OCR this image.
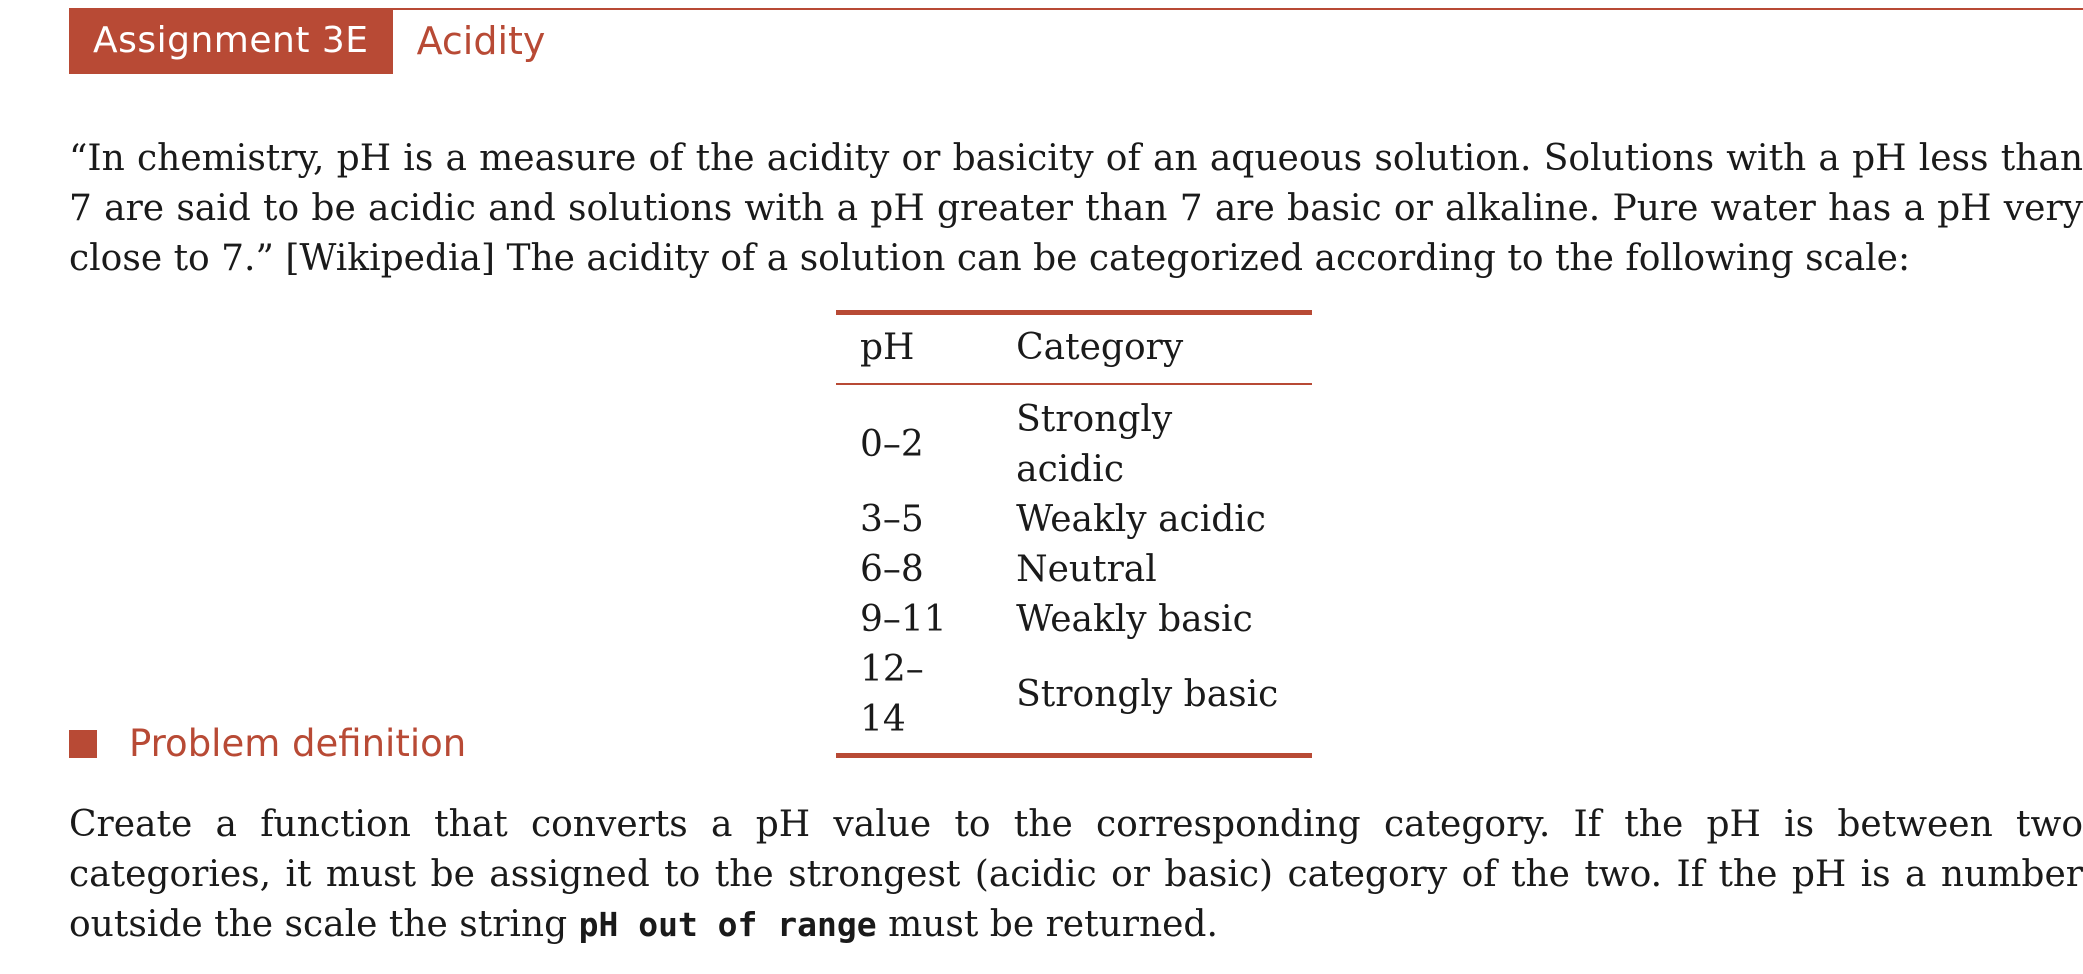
Assignment 3E	Acidity

“In chemistry, pH is a measure of the acidity or basicity of an aqueous solution. Solutions with a pH less than 7 are said to be acidic and solutions with a pH greater than 7 are basic or alkaline. Pure water has a pH very close to 7.” [Wikipedia] The acidity of a solution can be categorized according to the following scale:

pH	Category
0–2	Strongly acidic
3–5	Weakly acidic
6–8	Neutral
9–11	Weakly basic
12–14	Strongly basic
Problem definition

Create a function that converts a pH value to the corresponding category. If the pH is between two categories, it must be assigned to the strongest (acidic or basic) category of the two. If the pH is a number outside the scale the string pH out of range must be returned.
